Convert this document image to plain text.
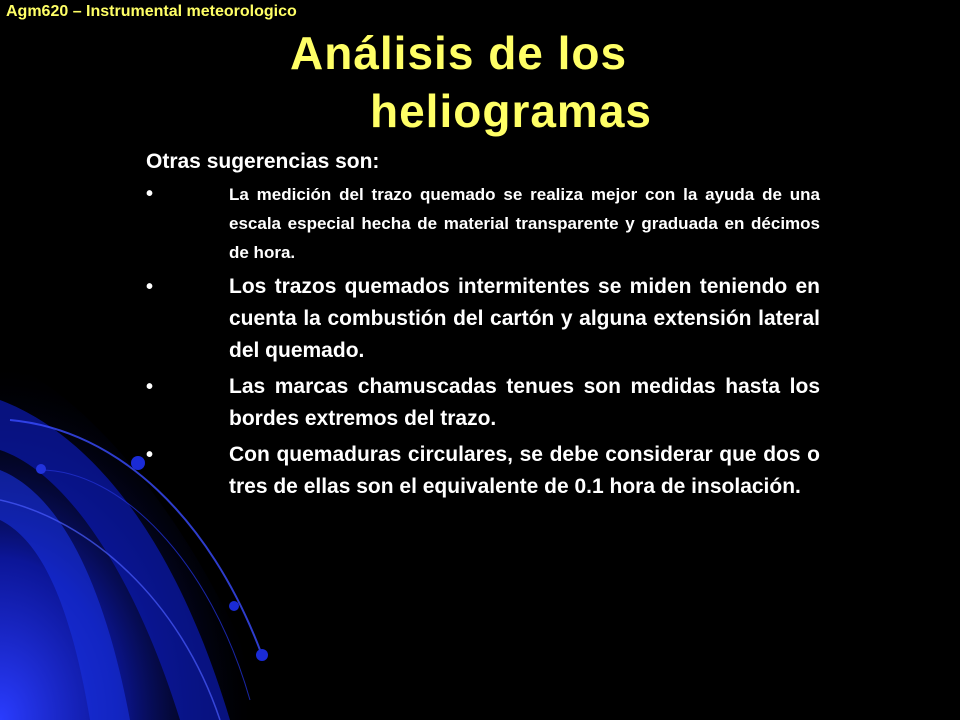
Agm620 – Instrumental meteorologico
Análisis de los
heliogramas
Otras sugerencias son:
•	La medición del trazo quemado se realiza mejor con la ayuda de una escala especial hecha de material transparente y graduada en décimos de hora.
•	Los trazos quemados intermitentes se miden teniendo en cuenta la combustión del cartón y alguna extensión lateral del quemado.
•	Las marcas chamuscadas tenues son medidas hasta los bordes extremos del trazo.
•	Con quemaduras circulares, se debe considerar que dos o tres de ellas son el equivalente de 0.1 hora de insolación.
